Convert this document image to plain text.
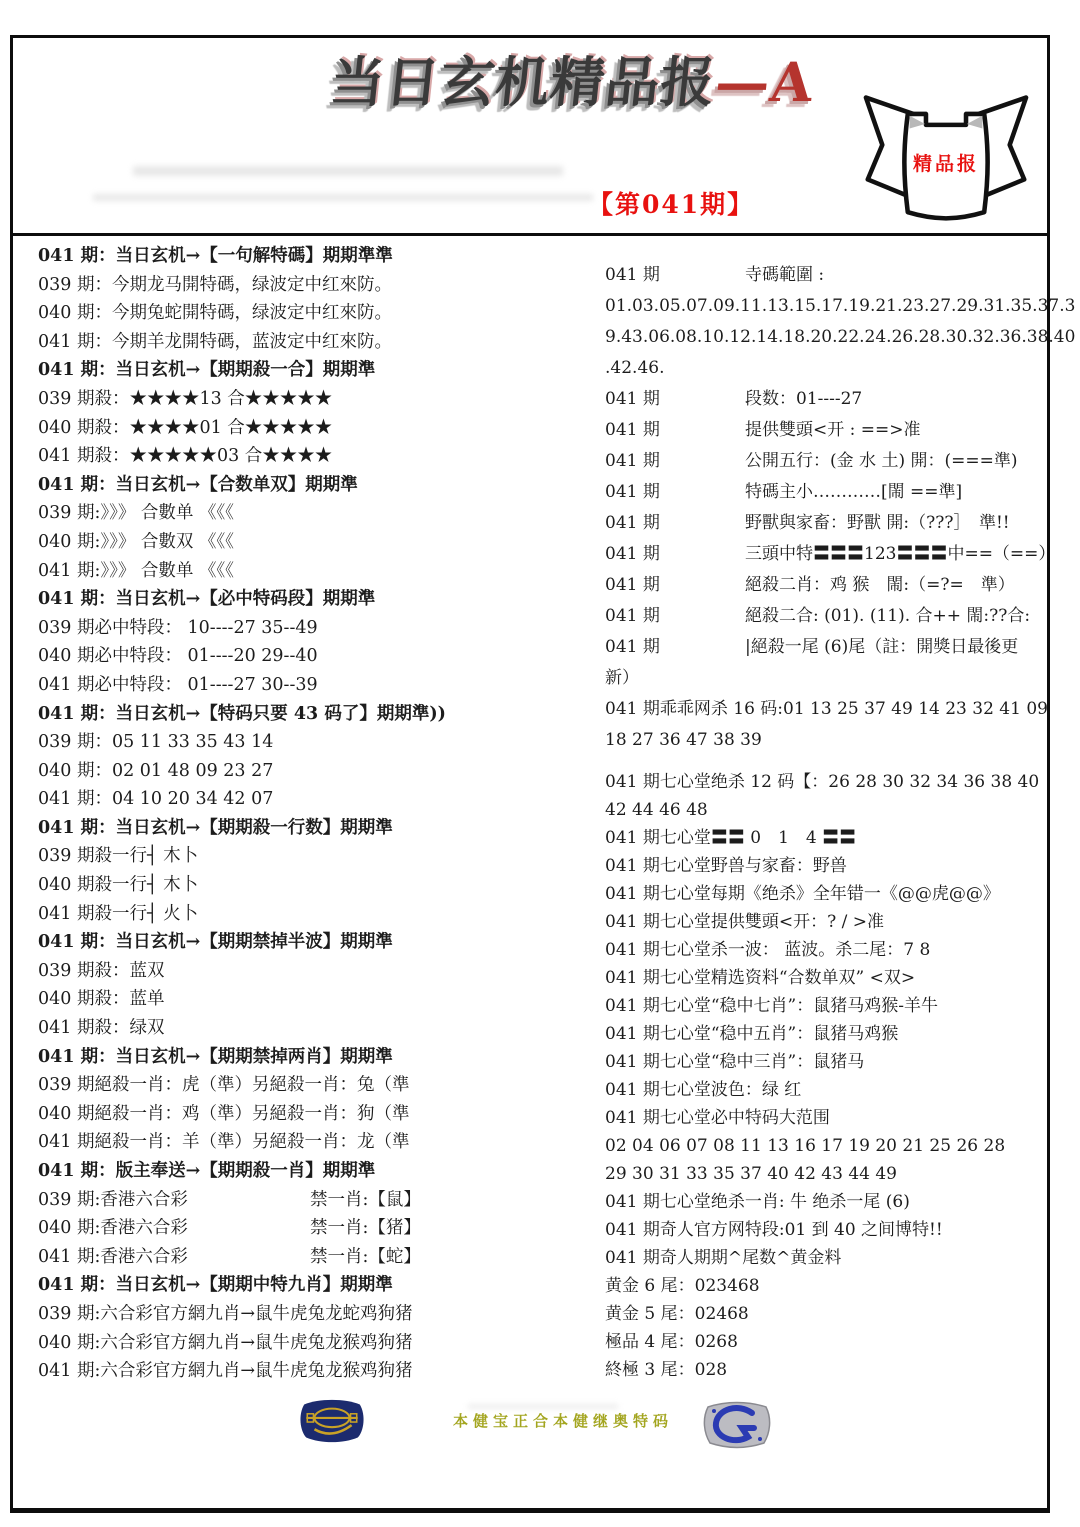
当日玄机精品报—A
【第041期】
精品报
041 期：当日玄机→【一句解特碼】期期準準
039 期：今期龙马開特碼，绿波定中红來防。
040 期：今期兔蛇開特碼，绿波定中红來防。
041 期：今期羊龙開特碼，蓝波定中红來防。
041 期：当日玄机→【期期殺一合】期期準
039 期殺：★★★★13 合★★★★★
040 期殺：★★★★01 合★★★★★
041 期殺：★★★★★03 合★★★★
041 期：当日玄机→【合数单双】期期準
039 期:》》》 合數单 《《《
040 期:》》》 合數双 《《《
041 期:》》》 合數单 《《《
041 期：当日玄机→【必中特码段】期期準
039 期必中特段： 10----27 35--49
040 期必中特段： 01----20 29--40
041 期必中特段： 01----27 30--39
041 期：当日玄机→【特码只要 43 码了】期期準))
039 期：05 11 33 35 43 14
040 期：02 01 48 09 23 27
041 期：04 10 20 34 42 07
041 期：当日玄机→【期期殺一行数】期期準
039 期殺一行┤ 木卜
040 期殺一行┤ 木卜
041 期殺一行┤ 火卜
041 期：当日玄机→【期期禁掉半波】期期準
039 期殺：蓝双
040 期殺：蓝单
041 期殺：绿双
041 期：当日玄机→【期期禁掉两肖】期期準
039 期絕殺一肖：虎（準）另絕殺一肖：兔（準
040 期絕殺一肖：鸡（準）另絕殺一肖：狗（準
041 期絕殺一肖：羊（準）另絕殺一肖：龙（準
041 期：版主奉送→【期期殺一肖】期期準
039 期:香港六合彩	禁一肖:【鼠】
040 期:香港六合彩	禁一肖:【猪】
041 期:香港六合彩	禁一肖:【蛇】
041 期：当日玄机→【期期中特九肖】期期準
039 期:六合彩官方網九肖→鼠牛虎兔龙蛇鸡狗猪
040 期:六合彩官方網九肖→鼠牛虎兔龙猴鸡狗猪
041 期:六合彩官方網九肖→鼠牛虎兔龙猴鸡狗猪
041 期	寺碼範圍 :
01.03.05.07.09.11.13.15.17.19.21.23.27.29.31.35.37.3
9.43.06.08.10.12.14.18.20.22.24.26.28.30.32.36.38.40
.42.46.
041 期	段数：01----27
041 期	提供雙頭<开 : ==>准
041 期	公開五行：(金 水 土) 開：(===準)
041 期	特碼主小…………[閙 ==準]
041 期	野獸與家畜：野獸 開:（???］　準!!
041 期	三頭中特〓〓〓123〓〓〓中==（==）
041 期	絕殺二肖：鸡 猴　閙:（=?=　準）
041 期	絕殺二合: (01). (11). 合++ 閙:??合:
041 期	|絕殺一尾 (6)尾（註：開獎日最後更
新）
041 期乖乖网杀 16 码:01 13 25 37 49 14 23 32 41 09
18 27 36 47 38 39
041 期七心堂绝杀 12 码【：26 28 30 32 34 36 38 40
42 44 46 48
041 期七心堂〓〓 0　1　4 〓〓
041 期七心堂野兽与家畜：野兽
041 期七心堂每期《绝杀》全年错一《@@虎@@》
041 期七心堂提供雙頭<开：? / >准
041 期七心堂杀一波： 蓝波。杀二尾：7 8
041 期七心堂精选资料“合数单双” <双>
041 期七心堂“稳中七肖”：鼠猪马鸡猴-羊牛
041 期七心堂“稳中五肖”：鼠猪马鸡猴
041 期七心堂“稳中三肖”：鼠猪马
041 期七心堂波色：绿 红
041 期七心堂必中特码大范围
02 04 06 07 08 11 13 16 17 19 20 21 25 26 28
29 30 31 33 35 37 40 42 43 44 49
041 期七心堂绝杀一肖: 牛 绝杀一尾 (6)
041 期奇人官方网特段:01 到 40 之间博特!!
041 期奇人期期^尾数^黄金料
黄金 6 尾：023468
黄金 5 尾：02468
極品 4 尾：0268
終極 3 尾：028
本健宝正合本健继奥特码
